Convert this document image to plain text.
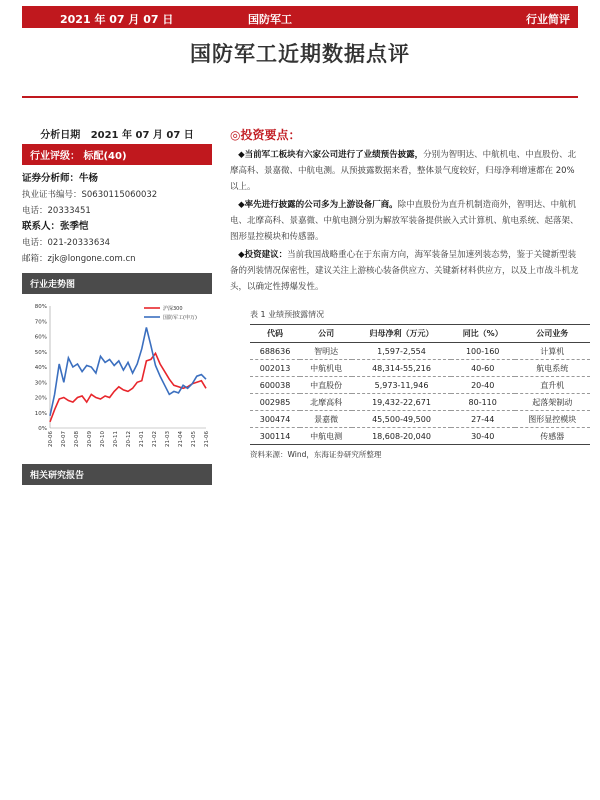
2021 年 07 月 07 日	国防军工	行业简评
国防军工近期数据点评
分析日期 2021 年 07 月 07 日
行业评级： 标配(40)
证券分析师：牛杨
执业证书编号：S0630115060032
电话：20333451
联系人：张季恺
电话：021-20333634
邮箱：zjk@longone.com.cn
行业走势图
0%
10%
20%
30%
40%
50%
60%
70%
80%
20-06 20-07 20-08 20-09 20-10 20-11 20-12 21-01 21-02 21-03 21-04 21-05 21-06
沪深300
国防军工(申万)
相关研究报告
◎投资要点：

◆当前军工板块有六家公司进行了业绩预告披露，分别为智明达、中航机电、中直股份、北摩高科、景嘉微、中航电测。从预披露数据来看，整体景气度较好，归母净利增速都在 20%以上。

◆率先进行披露的公司多为上游设备厂商。除中直股份为直升机制造商外，智明达、中航机电、北摩高科、景嘉微、中航电测分别为解放军装备提供嵌入式计算机、航电系统、起落架、图形显控模块和传感器。

◆投资建议：当前我国战略重心在于东南方向，海军装备呈加速列装态势，鉴于关键新型装备的列装情况保密性，建议关注上游核心装备供应方、关键新材料供应方，以及上市战斗机龙头，以确定性搏爆发性。

表 1 业绩预披露情况
代码	公司	归母净利（万元）	同比（%）	公司业务
688636	智明达	1,597-2,554	100-160	计算机
002013	中航机电	48,314-55,216	40-60	航电系统
600038	中直股份	5,973-11,946	20-40	直升机
002985	北摩高科	19,432-22,671	80-110	起落架制动
300474	景嘉微	45,500-49,500	27-44	图形显控模块
300114	中航电测	18,608-20,040	30-40	传感器
资料来源：Wind，东海证券研究所整理
